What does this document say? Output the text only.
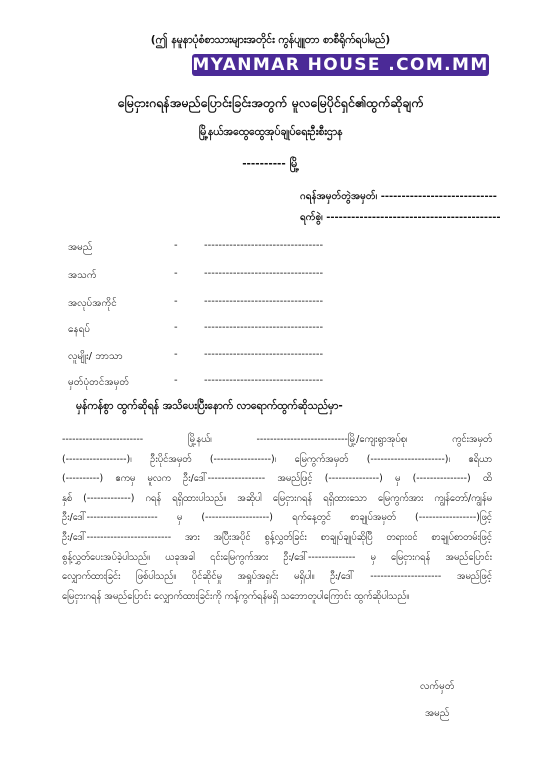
(ဤ နမူနာပုံစံစာသားများအတိုင်း ကွန်ပျူတာ စာစီရိုက်ရပါမည်)
MYANMAR HOUSE .COM.MM
မြေငှားဂရန်အမည်ပြောင်းခြင်းအတွက် မူလမြေပိုင်ရှင်၏ထွက်ဆိုချက်
မြို့နယ်အထွေထွေအုပ်ချုပ်ရေးဦးစီးဌာန
---------- မြို့
ဂရန်အမှတ်တွဲအမှတ်၊ ----------------------------
ရက်စွဲ၊ ------------------------------------------
အမည်	-	---------------------------------
အသက်	-	---------------------------------
အလုပ်အကိုင်	-	---------------------------------
နေရပ်	-	---------------------------------
လူမျိုး/ ဘာသာ	-	---------------------------------
မှတ်ပုံတင်အမှတ်	-	---------------------------------
မှန်ကန်စွာ ထွက်ဆိုရန် အသိပေးပြီးနောက် လာရောက်ထွက်ဆိုသည်မှာ-
------------------------ မြို့နယ်၊ ---------------------------မြို့/ကျေးရွာအုပ်စု၊ ကွင်းအမှတ်
(------------------)၊ ဦးပိုင်အမှတ် (-----------------)၊ မြေကွက်အမှတ် (----------------------)၊ ဧရိယာ
(----------) ဧကမှ မူလက ဦး/ဒေါ်----------------- အမည်ဖြင့် (---------------) မှ (---------------) ထိ
နှစ် (-------------) ဂရန် ရရှိထားပါသည်။ အဆိုပါ မြေငှားဂရန် ရရှိထားသော မြေကွက်အား ကျွန်တော်/ကျွန်မ
ဦး/ဒေါ်--------------------- မှ (-------------------) ရက်နေ့တွင် စာချုပ်အမှတ် (-----------------)ဖြင့်
ဦး/ဒေါ်------------------------- အား အပြီးအပိုင် စွန့်လွှတ်ခြင်း စာချုပ်ချုပ်ဆိုပြီ တရားဝင် စာချုပ်စာတမ်းဖြင့်
စွန့်လွှတ်ပေးအပ်ခဲ့ပါသည်။ ယခုအခါ ၎င်းမြေကွက်အား ဦး/ဒေါ်-------------- မှ မြေငှားဂရန် အမည်ပြောင်း
လျှောက်ထားခြင်း ဖြစ်ပါသည်။ ပိုင်ဆိုင်မှု အရှုပ်အရှင်း မရှိပါ။ ဦး/ဒေါ် --------------------- အမည်ဖြင့်
မြေငှားဂရန် အမည်ပြောင်း လျှောက်ထားခြင်းကို ကန့်ကွက်ရန်မရှိ သဘောတူပါကြောင်း ထွက်ဆိုပါသည်။
လက်မှတ်
အမည်
